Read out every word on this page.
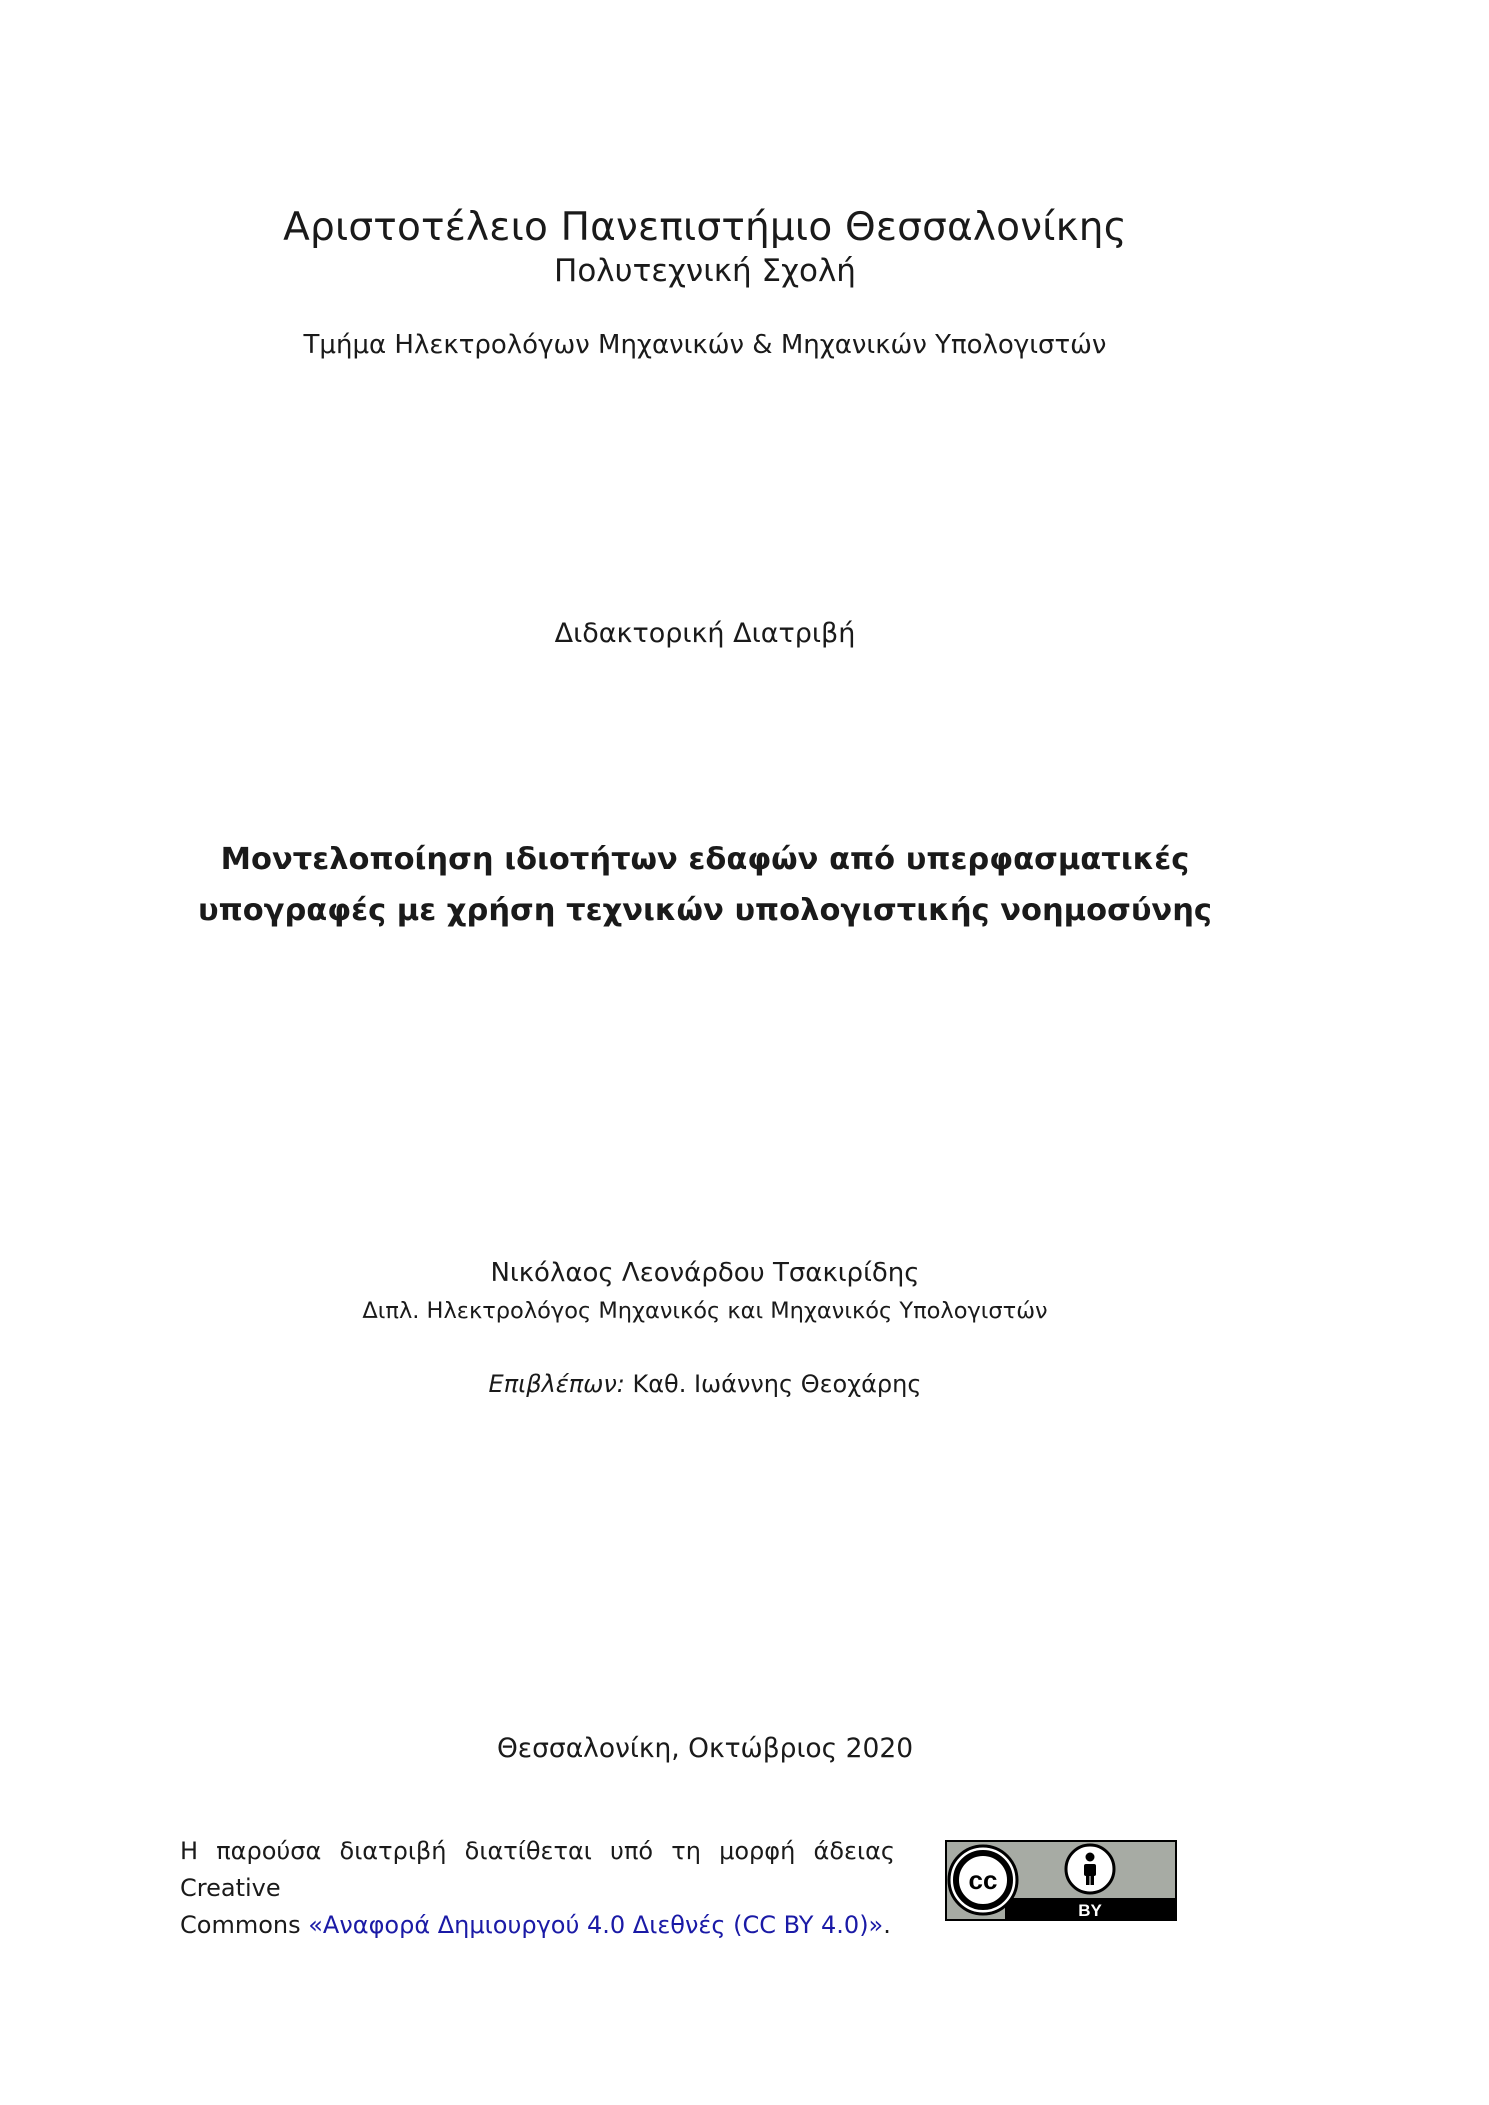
Αριστοτέλειο Πανεπιστήμιο Θεσσαλονίκης
Πολυτεχνική Σχολή
Τμήμα Ηλεκτρολόγων Μηχανικών & Μηχανικών Υπολογιστών
Διδακτορική Διατριβή
Μοντελοποίηση ιδιοτήτων εδαφών από υπερφασματικές
υπογραφές με χρήση τεχνικών υπολογιστικής νοημοσύνης
Νικόλαος Λεονάρδου Τσακιρίδης
Διπλ. Ηλεκτρολόγος Μηχανικός και Μηχανικός Υπολογιστών
Επιβλέπων: Καθ. Ιωάννης Θεοχάρης
Θεσσαλονίκη, Οκτώβριος 2020
Η παρούσα διατριβή διατίθεται υπό τη μορφή άδειας Creative
Commons «Αναφορά Δημιουργού 4.0 Διεθνές (CC BY 4.0)».
cc
BY
